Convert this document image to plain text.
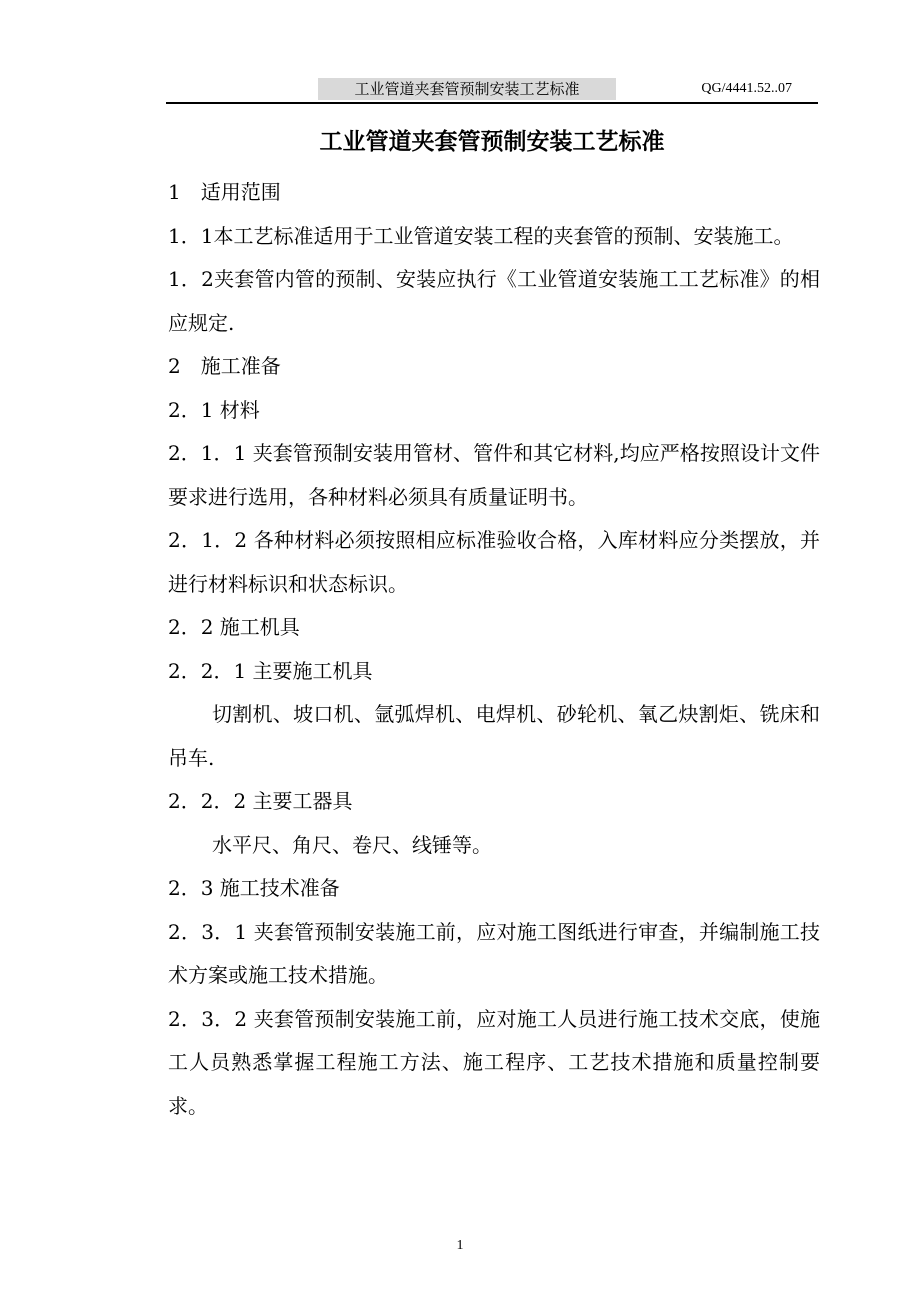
工业管道夹套管预制安装工艺标准	QG/4441.52..07
工业管道夹套管预制安装工艺标准

1　适用范围

1．1本工艺标准适用于工业管道安装工程的夹套管的预制、安装施工。

1．2夹套管内管的预制、安装应执行《工业管道安装施工工艺标准》的相应规定.

2　施工准备

2．1 材料

2．1．1 夹套管预制安装用管材、管件和其它材料,均应严格按照设计文件要求进行选用，各种材料必须具有质量证明书。

2．1．2 各种材料必须按照相应标准验收合格，入库材料应分类摆放，并进行材料标识和状态标识。

2．2 施工机具

2．2．1 主要施工机具

切割机、坡口机、氩弧焊机、电焊机、砂轮机、氧乙炔割炬、铣床和吊车.

2．2．2 主要工器具

水平尺、角尺、卷尺、线锤等。

2．3 施工技术准备

2．3．1 夹套管预制安装施工前，应对施工图纸进行审查，并编制施工技术方案或施工技术措施。

2．3．2 夹套管预制安装施工前，应对施工人员进行施工技术交底，使施工人员熟悉掌握工程施工方法、施工程序、工艺技术措施和质量控制要求。

1
